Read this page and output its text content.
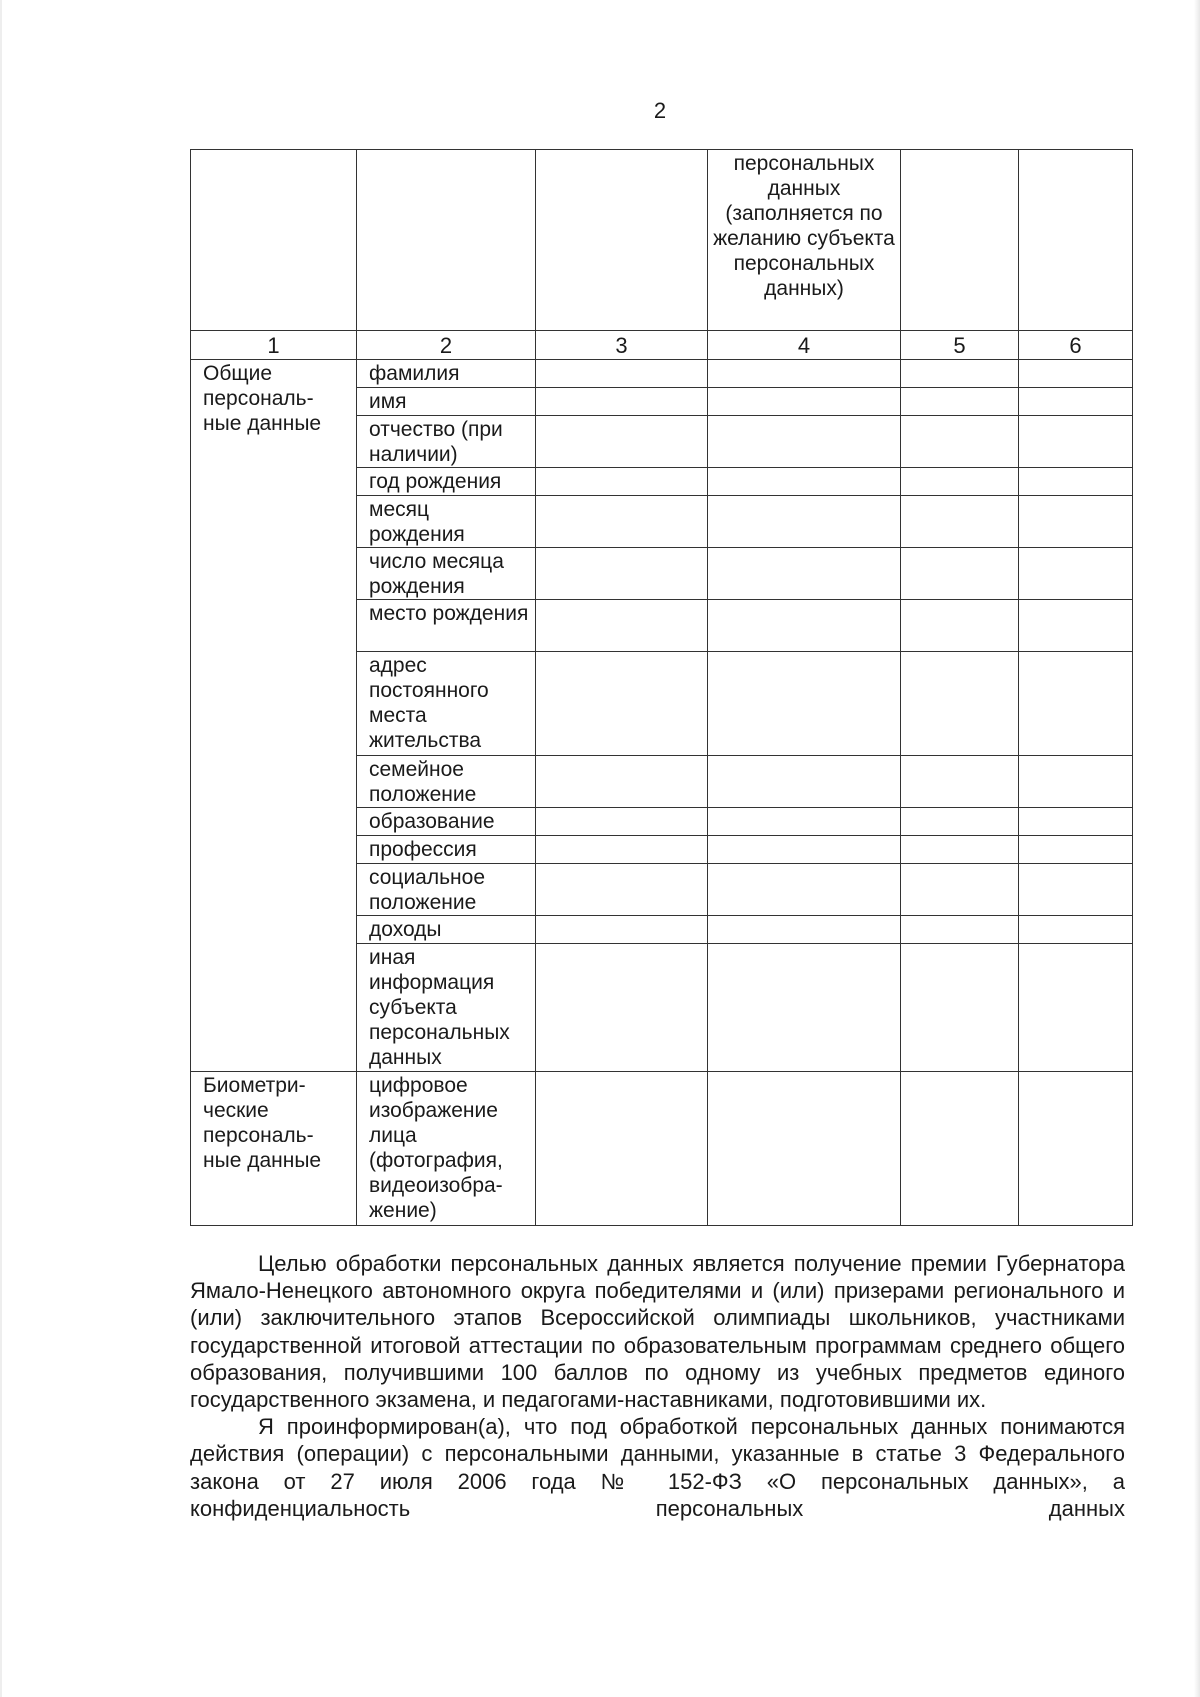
2

			персональных данных (заполняется по желанию субъекта персональных данных)		

1	2	3	4	5	6
Общие персональ-ные данные	фамилия				
	имя				
	отчество (при наличии)				
	год рождения				
	месяц рождения				
	число месяца рождения				
	место рождения				
	адрес постоянного места жительства				
	семейное положение				
	образование				
	профессия				
	социальное положение				
	доходы				
	иная информация субъекта персональных данных				
Биометри-ческие персональ-ные данные	цифровое изображение лица (фотография, видеоизобра-жение)				

Целью обработки персональных данных является получение премии Губернатора Ямало-Ненецкого автономного округа победителями и (или) призерами регионального и (или) заключительного этапов Всероссийской олимпиады школьников, участниками государственной итоговой аттестации по образовательным программам среднего общего образования, получившими 100 баллов по одному из учебных предметов единого государственного экзамена, и педагогами-наставниками, подготовившими их.

Я проинформирован(а), что под обработкой персональных данных понимаются действия (операции) с персональными данными, указанные в статье 3 Федерального закона от 27 июля 2006 года № 152-ФЗ «О персональных данных», а конфиденциальность персональных данных
